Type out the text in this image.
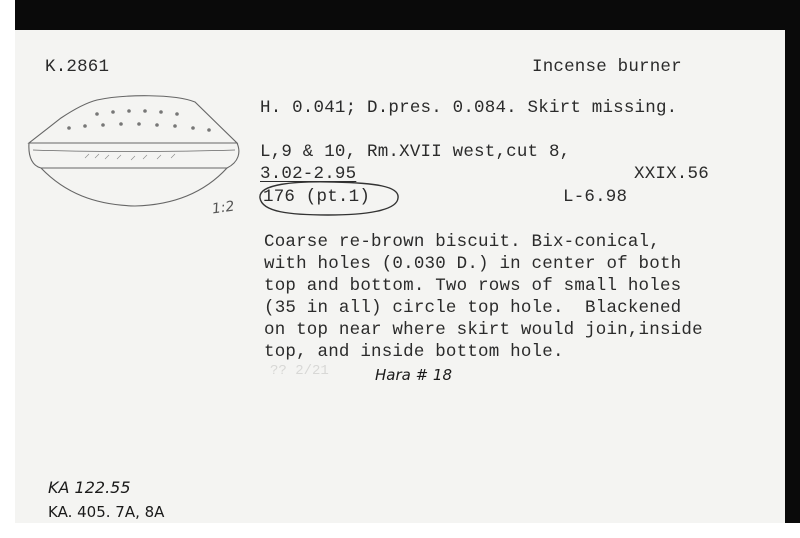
K.2861	Incense burner
H. 0.041; D.pres. 0.084. Skirt missing.
L,9 & 10, Rm.XVII west,cut 8,
3.02-2.95	XXIX.56
176 (pt.1)	L-6.98
Coarse re-brown biscuit. Bix-conical,
with holes (0.030 D.) in center of both
top and bottom. Two rows of small holes
(35 in all) circle top hole.  Blackened
on top near where skirt would join,inside
top, and inside bottom hole.
?? 2/21	Hara # 18
1:2
KA 122.55
KA. 405. 7A, 8A
